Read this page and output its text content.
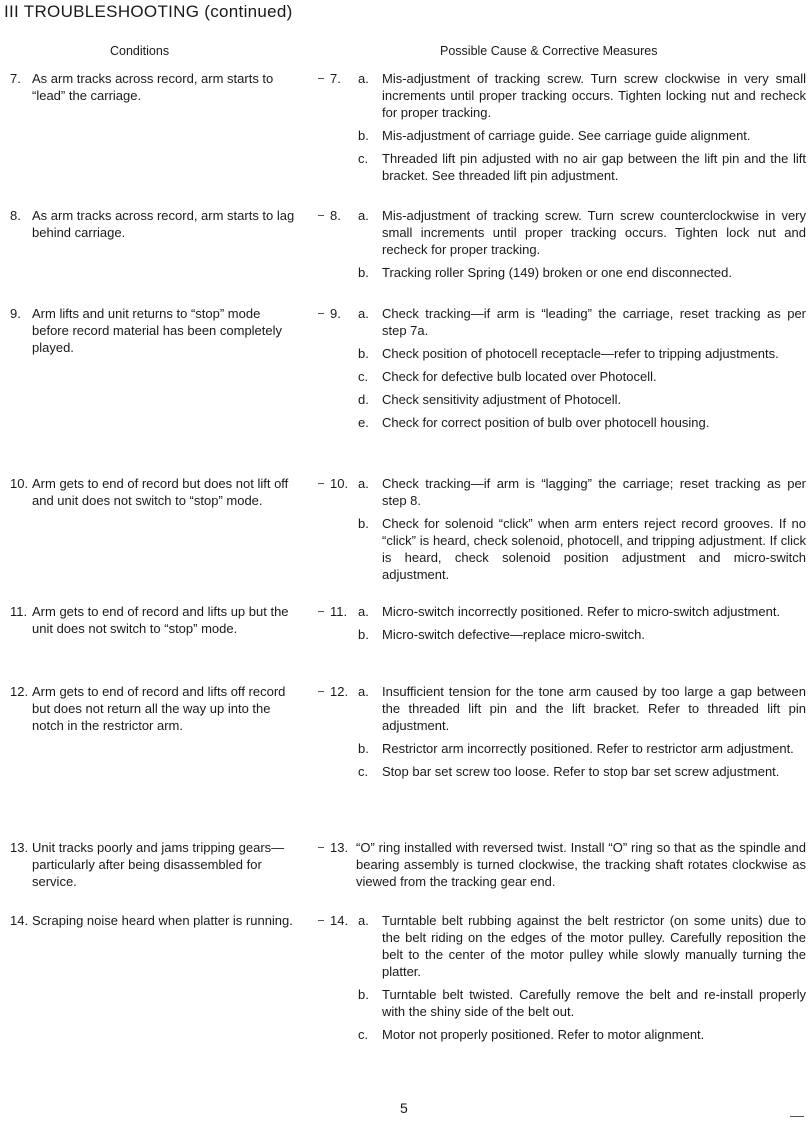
III TROUBLESHOOTING (continued)
Conditions	Possible Cause & Corrective Measures
7. As arm tracks across record, arm starts to “lead” the carriage.
7. a. Mis-adjustment of tracking screw. Turn screw clockwise in very small increments until proper tracking occurs. Tighten locking nut and recheck for proper tracking.
b. Mis-adjustment of carriage guide. See carriage guide alignment.
c. Threaded lift pin adjusted with no air gap between the lift pin and the lift bracket. See threaded lift pin adjustment.
8. As arm tracks across record, arm starts to lag behind carriage.
8. a. Mis-adjustment of tracking screw. Turn screw counterclockwise in very small increments until proper tracking occurs. Tighten lock nut and recheck for proper tracking.
b. Tracking roller Spring (149) broken or one end disconnected.
9. Arm lifts and unit returns to “stop” mode before record material has been completely played.
9. a. Check tracking—if arm is “leading” the carriage, reset tracking as per step 7a.
b. Check position of photocell receptacle—refer to tripping adjustments.
c. Check for defective bulb located over Photocell.
d. Check sensitivity adjustment of Photocell.
e. Check for correct position of bulb over photocell housing.
10. Arm gets to end of record but does not lift off and unit does not switch to “stop” mode.
10. a. Check tracking—if arm is “lagging” the carriage; reset tracking as per step 8.
b. Check for solenoid “click” when arm enters reject record grooves. If no “click” is heard, check solenoid, photocell, and tripping adjustment. If click is heard, check solenoid position adjustment and micro-switch adjustment.
11. Arm gets to end of record and lifts up but the unit does not switch to “stop” mode.
11. a. Micro-switch incorrectly positioned. Refer to micro-switch adjustment.
b. Micro-switch defective—replace micro-switch.
12. Arm gets to end of record and lifts off record but does not return all the way up into the notch in the restrictor arm.
12. a. Insufficient tension for the tone arm caused by too large a gap between the threaded lift pin and the lift bracket. Refer to threaded lift pin adjustment.
b. Restrictor arm incorrectly positioned. Refer to restrictor arm adjustment.
c. Stop bar set screw too loose. Refer to stop bar set screw adjustment.
13. Unit tracks poorly and jams tripping gears—particularly after being disassembled for service.
13. “O” ring installed with reversed twist. Install “O” ring so that as the spindle and bearing assembly is turned clockwise, the tracking shaft rotates clockwise as viewed from the tracking gear end.
14. Scraping noise heard when platter is running.	14. a. Turntable belt rubbing against the belt restrictor (on some units) due to the belt riding on the edges of the motor pulley. Carefully reposition the belt to the center of the motor pulley while slowly manually turning the platter.
b. Turntable belt twisted. Carefully remove the belt and re-install properly with the shiny side of the belt out.
c. Motor not properly positioned. Refer to motor alignment.
5
